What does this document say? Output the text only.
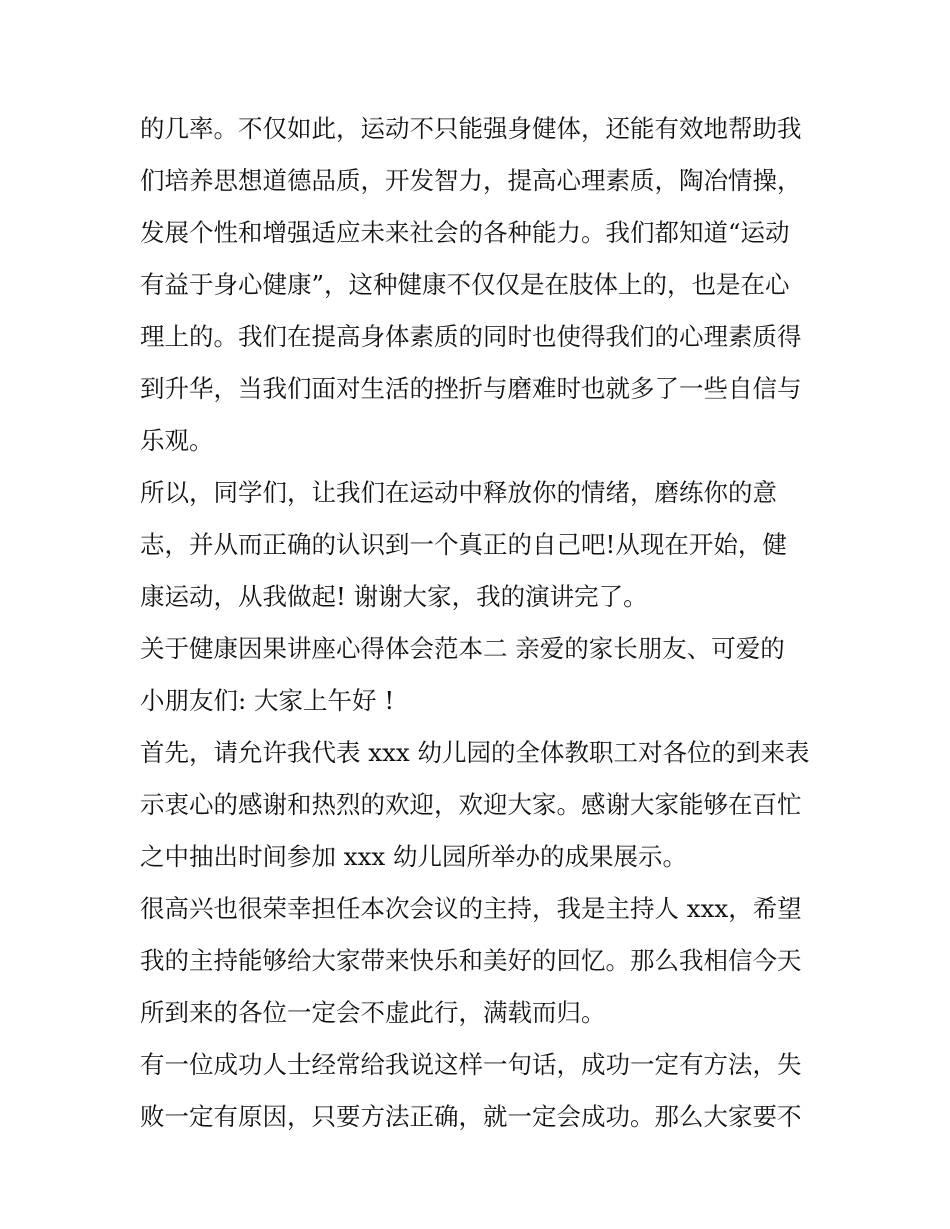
的几率。不仅如此，运动不只能强身健体，还能有效地帮助我
们培养思想道德品质，开发智力，提高心理素质，陶冶情操，
发展个性和增强适应未来社会的各种能力。我们都知道“运动
有益于身心健康”，这种健康不仅仅是在肢体上的，也是在心
理上的。我们在提高身体素质的同时也使得我们的心理素质得
到升华，当我们面对生活的挫折与磨难时也就多了一些自信与
乐观。
所以，同学们，让我们在运动中释放你的情绪，磨练你的意
志，并从而正确的认识到一个真正的自己吧!从现在开始，健
康运动，从我做起! 谢谢大家，我的演讲完了。
关于健康因果讲座心得体会范本二 亲爱的家长朋友、可爱的
小朋友们: 大家上午好 !
首先，请允许我代表 xxx 幼儿园的全体教职工对各位的到来表
示衷心的感谢和热烈的欢迎，欢迎大家。感谢大家能够在百忙
之中抽出时间参加 xxx 幼儿园所举办的成果展示。
很高兴也很荣幸担任本次会议的主持，我是主持人 xxx，希望
我的主持能够给大家带来快乐和美好的回忆。那么我相信今天
所到来的各位一定会不虚此行，满载而归。
有一位成功人士经常给我说这样一句话，成功一定有方法，失
败一定有原因，只要方法正确，就一定会成功。那么大家要不
